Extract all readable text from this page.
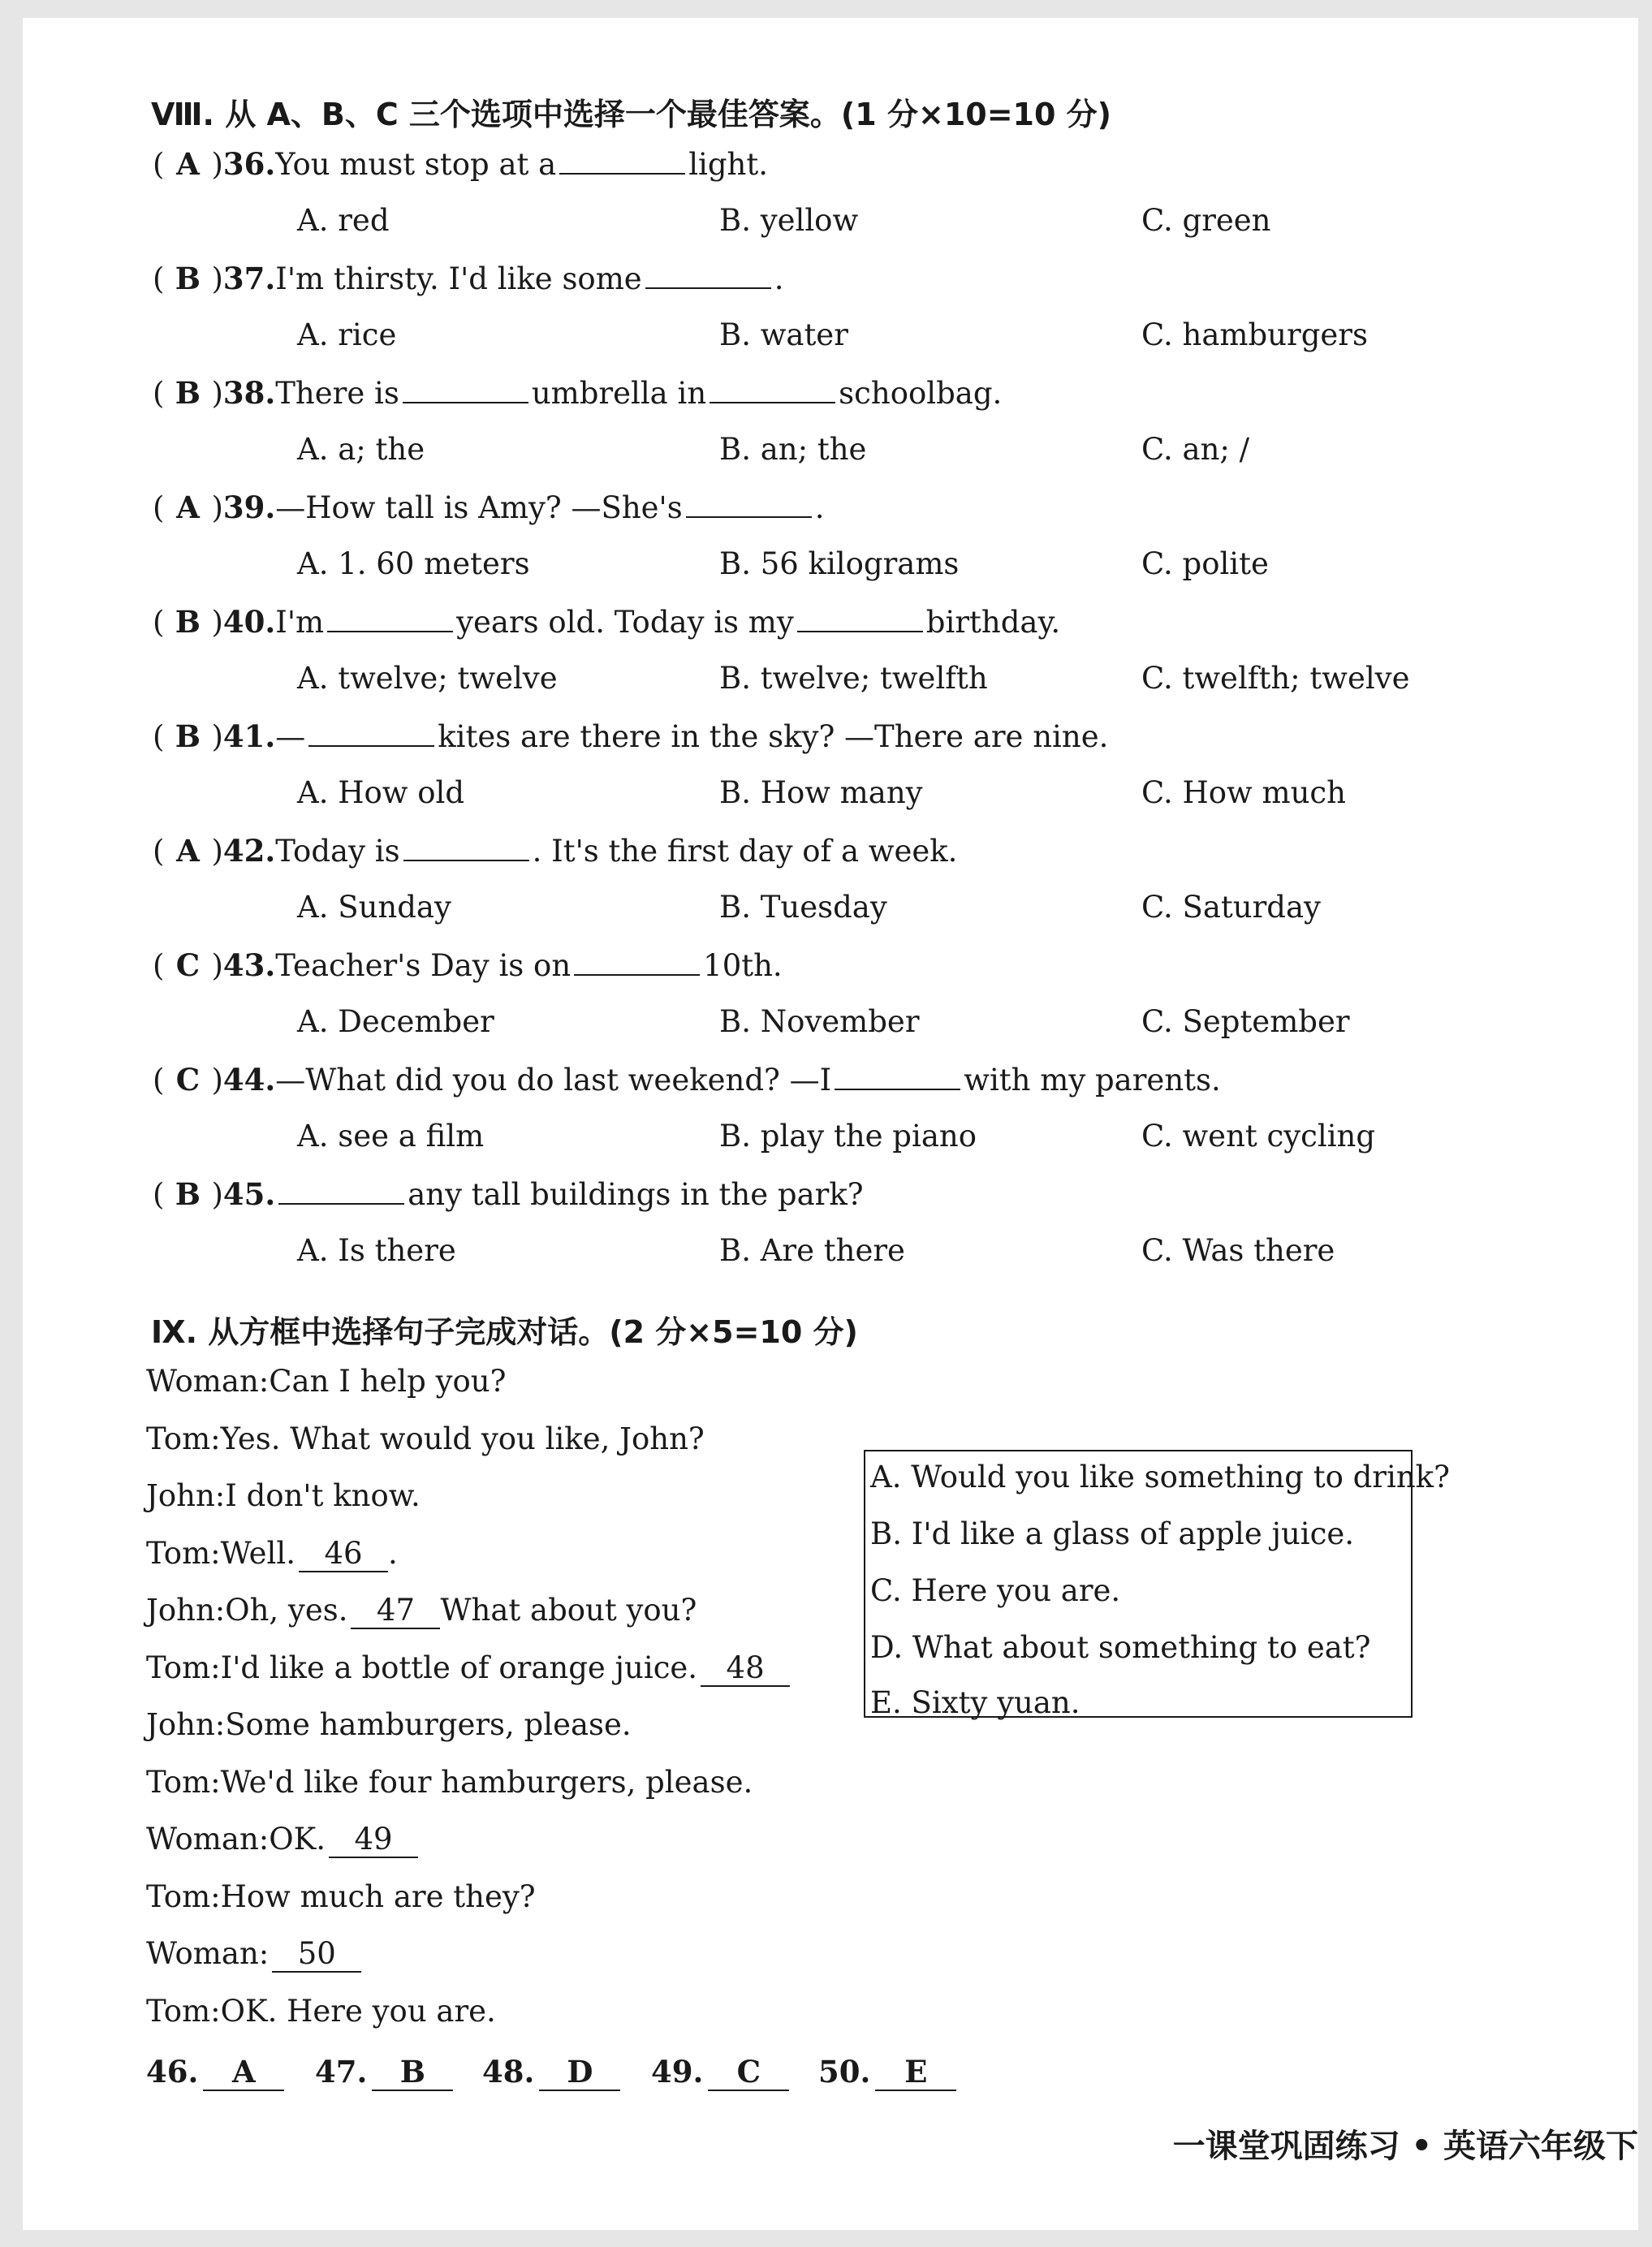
Ⅷ. 从 A、B、C 三个选项中选择一个最佳答案。(1 分×10=10 分)
( A )36.You must stop at a	light.
A. red	B. yellow	C. green
( B )37.I'm thirsty. I'd like some	.
A. rice	B. water	C. hamburgers
( B )38.There is	umbrella in	schoolbag.
A. a; the	B. an; the	C. an; /
( A )39.—How tall is Amy? —She's	.
A. 1. 60 meters	B. 56 kilograms	C. polite
( B )40.I'm	years old. Today is my	birthday.
A. twelve; twelve	B. twelve; twelfth	C. twelfth; twelve
( B )41.—	kites are there in the sky? —There are nine.
A. How old	B. How many	C. How much
( A )42.Today is	. It's the first day of a week.
A. Sunday	B. Tuesday	C. Saturday
( C )43.Teacher's Day is on	10th.
A. December	B. November	C. September
( C )44.—What did you do last weekend? —I	with my parents.
A. see a film	B. play the piano	C. went cycling
( B )45.	any tall buildings in the park?
A. Is there	B. Are there	C. Was there
Ⅸ. 从方框中选择句子完成对话。(2 分×5=10 分)
Woman:Can I help you?
Tom:Yes. What would you like, John?
John:I don't know.
Tom:Well. 46 .
John:Oh, yes. 47 What about you?
Tom:I'd like a bottle of orange juice. 48
John:Some hamburgers, please.
Tom:We'd like four hamburgers, please.
Woman:OK. 49
Tom:How much are they?
Woman: 50
Tom:OK. Here you are.
A. Would you like something to drink?
B. I'd like a glass of apple juice.
C. Here you are.
D. What about something to eat?
E. Sixty yuan.
46. A	47. B	48. D	49. C	50. E
一课堂巩固练习 • 英语六年级下
